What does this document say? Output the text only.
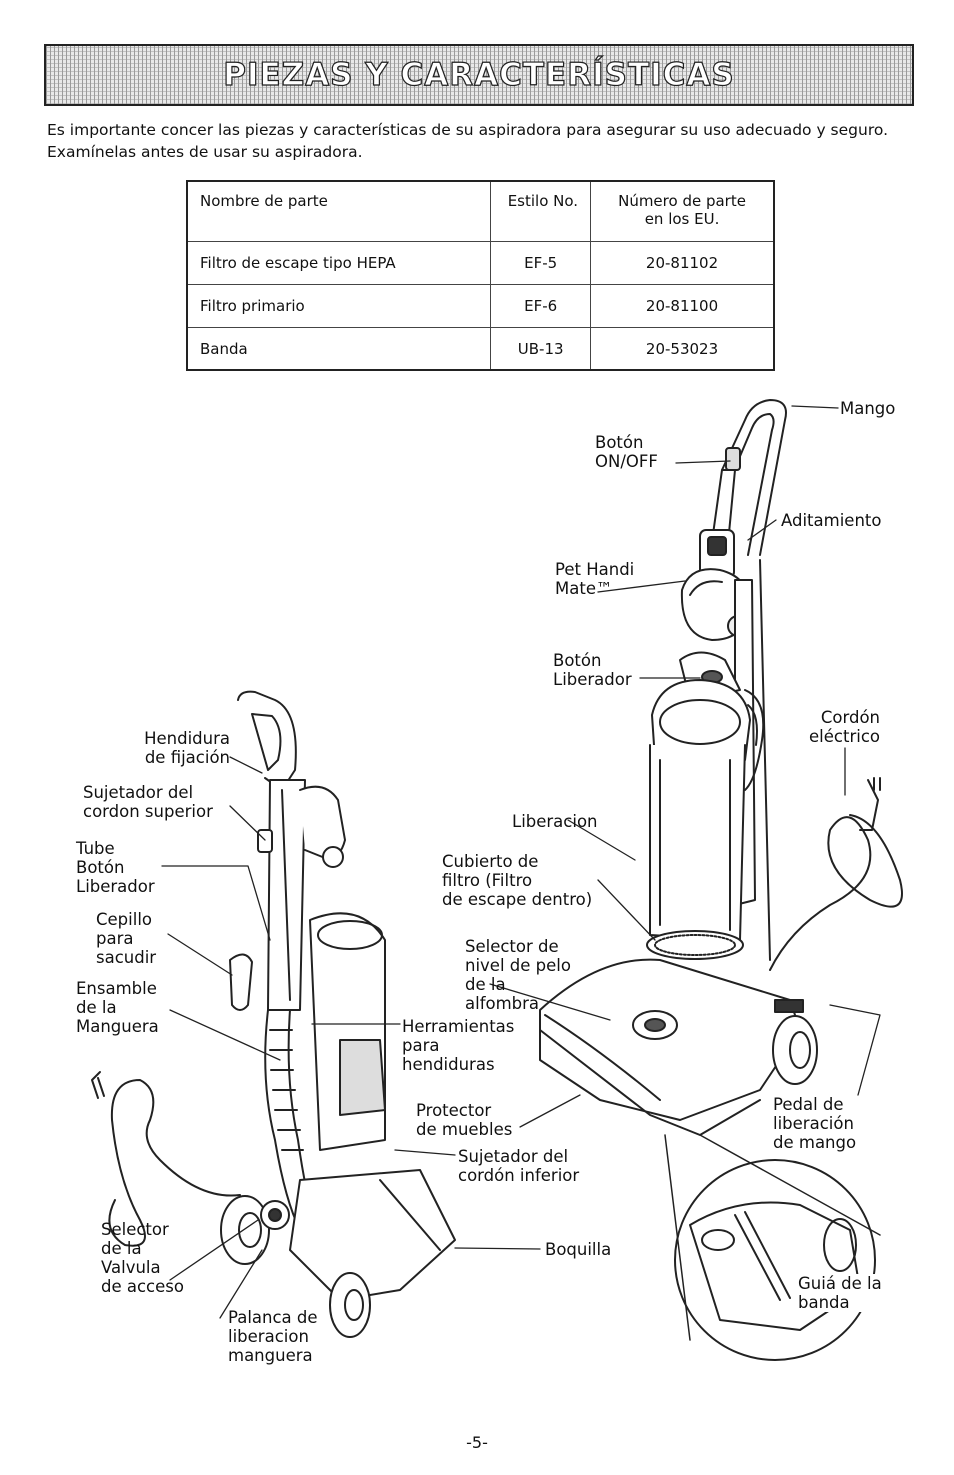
PIEZAS Y CARACTERÍSTICAS

Es importante concer las piezas y características de su aspiradora para asegurar su uso adecuado y seguro.

Examínelas antes de usar su aspiradora.

Nombre de parte	Estilo No.	Número de parte
en los EU.
Filtro de escape tipo HEPA	EF-5	20-81102
Filtro primario	EF-6	20-81100
Banda	UB-13	20-53023
Mango
Botón
ON/OFF
Aditamiento
Pet Handi
Mate™
Botón
Liberador
Cordón
eléctrico
Hendidura
de fijación
Sujetador del
cordon superior
Tube
Botón
Liberador
Cepillo
para
sacudir
Ensamble
de la
Manguera
Liberacion
Cubierto de
filtro (Filtro
de escape dentro)
Selector de
nivel de pelo
de la
alfombra
Herramientas
para
hendiduras
Protector
de muebles
Pedal de
liberación
de mango
Sujetador del
cordón inferior
Selector
de la
Valvula
de acceso
Boquilla
Palanca de
liberacion
manguera
Guiá de la
banda
-5-
